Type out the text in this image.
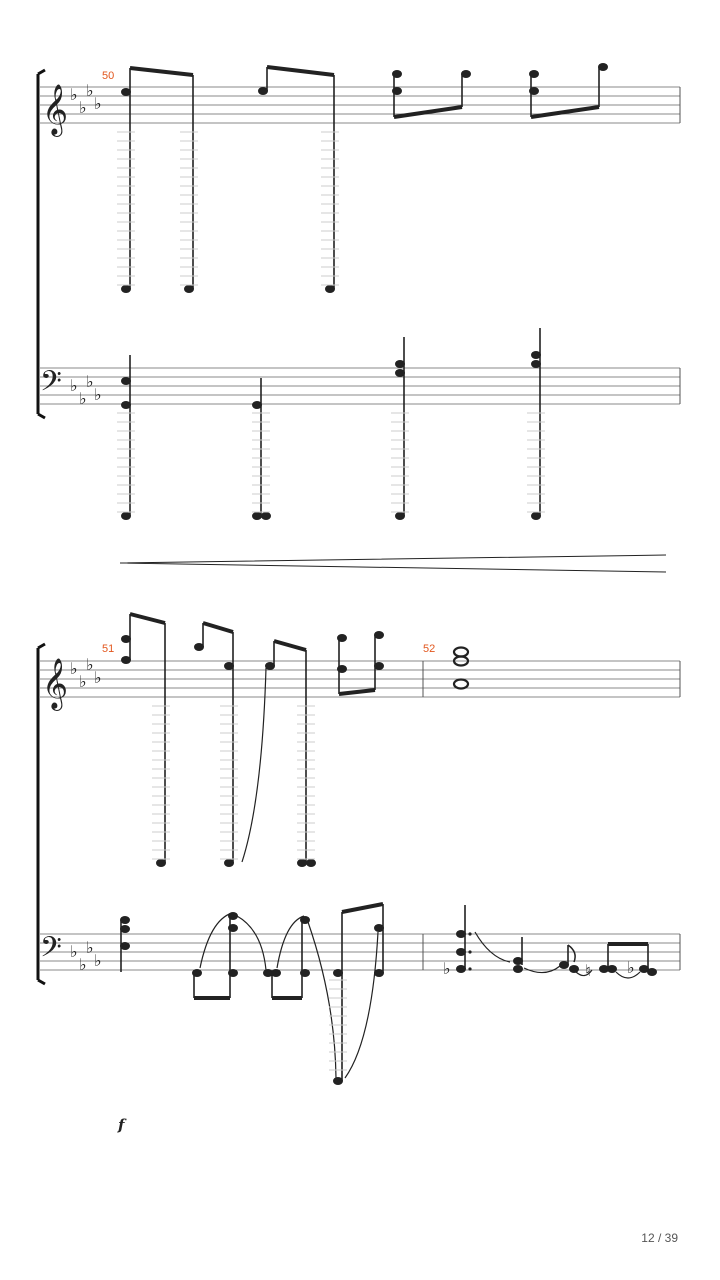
𝄞 ♭
♭
♭
♭
50
𝄢 ♭
♭
♭
♭
𝄞 ♭
♭
♭
♭
51	52
𝄢 ♭
♭
♭
♭	♭	♮ ♭
f
12 / 39
